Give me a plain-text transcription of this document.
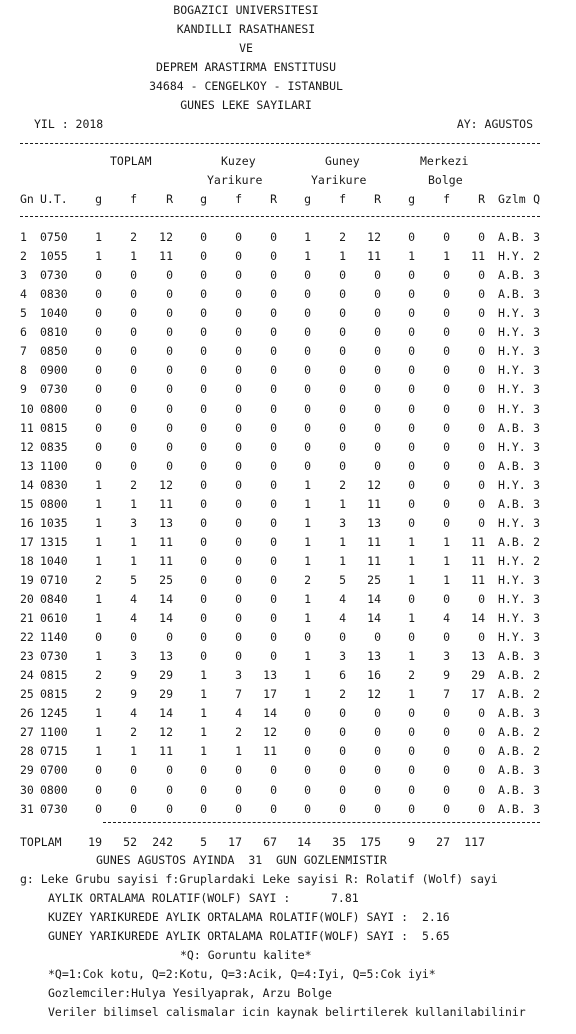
BOGAZICI UNIVERSITESI
KANDILLI RASATHANESI
VE
DEPREM ARASTIRMA ENSTITUSU
34684 - CENGELKOY - ISTANBUL
GUNES LEKE SAYILARI
YIL : 2018	AY: AGUSTOS
TOPLAM	Kuzey
Yarikure
Guney
Yarikure
Merkezi
Bolge
Gn U.T. g f	R g f R g f R g f R Gzlm Q
1 0750 1 2 12 0 0 0 1 2 12 0 0 0 A.B. 3
2 1055 1 1 11 0 0 0 1 1 11 1 1 11 H.Y. 2
3 0730 0 0	0 0 0 0 0 0 0 0 0 0 A.B. 3
4 0830 0 0	0 0 0 0 0 0 0 0 0 0 A.B. 3
5 1040 0 0	0 0 0 0 0 0 0 0 0 0 H.Y. 3
6 0810 0 0	0 0 0 0 0 0 0 0 0 0 H.Y. 3
7 0850 0 0	0 0 0 0 0 0 0 0 0 0 H.Y. 3
8 0900 0 0	0 0 0 0 0 0 0 0 0 0 H.Y. 3
9 0730 0 0	0 0 0 0 0 0 0 0 0 0 H.Y. 3
10 0800 0 0	0 0 0 0 0 0 0 0 0 0 H.Y. 3
11 0815 0 0	0 0 0 0 0 0 0 0 0 0 A.B. 3
12 0835 0 0	0 0 0 0 0 0 0 0 0 0 H.Y. 3
13 1100 0 0	0 0 0 0 0 0 0 0 0 0 A.B. 3
14 0830 1 2 12 0 0 0 1 2 12 0 0 0 H.Y. 3
15 0800 1 1 11 0 0 0 1 1 11 0 0 0 A.B. 3
16 1035 1 3 13 0 0 0 1 3 13 0 0 0 H.Y. 3
17 1315 1 1 11 0 0 0 1 1 11 1 1 11 A.B. 2
18 1040 1 1 11 0 0 0 1 1 11 1 1 11 H.Y. 2
19 0710 2 5 25 0 0 0 2 5 25 1 1 11 H.Y. 3
20 0840 1 4 14 0 0 0 1 4 14 0 0 0 H.Y. 3
21 0610 1 4 14 0 0 0 1 4 14 1 4 14 H.Y. 3
22 1140 0 0	0 0 0 0 0 0 0 0 0 0 H.Y. 3
23 0730 1 3 13 0 0 0 1 3 13 1 3 13 A.B. 3
24 0815 2 9 29 1 3 13 1 6 16 2 9 29 A.B. 2
25 0815 2 9 29 1 7 17 1 2 12 1 7 17 A.B. 2
26 1245 1 4 14 1 4 14 0 0 0 0 0 0 A.B. 3
27 1100 1 2 12 1 2 12 0 0 0 0 0 0 A.B. 2
28 0715 1 1 11 1 1 11 0 0 0 0 0 0 A.B. 2
29 0700 0 0	0 0 0 0 0 0 0 0 0 0 A.B. 3
30 0800 0 0	0 0 0 0 0 0 0 0 0 0 A.B. 3
31 0730 0 0	0 0 0 0 0 0 0 0 0 0 A.B. 3
TOPLAM 19 52 242 5 17 67 14 35 175 9 27 117
GUNES AGUSTOS AYINDA  31  GUN GOZLENMISTIR
g: Leke Grubu sayisi f:Gruplardaki Leke sayisi R: Rolatif (Wolf) sayi
AYLIK ORTALAMA ROLATIF(WOLF) SAYI :	7.81
KUZEY YARIKUREDE AYLIK ORTALAMA ROLATIF(WOLF) SAYI : 2.16
GUNEY YARIKUREDE AYLIK ORTALAMA ROLATIF(WOLF) SAYI : 5.65
*Q: Goruntu kalite*
*Q=1:Cok kotu, Q=2:Kotu, Q=3:Acik, Q=4:Iyi, Q=5:Cok iyi*
Gozlemciler:Hulya Yesilyaprak, Arzu Bolge
Veriler bilimsel calismalar icin kaynak belirtilerek kullanilabilinir
